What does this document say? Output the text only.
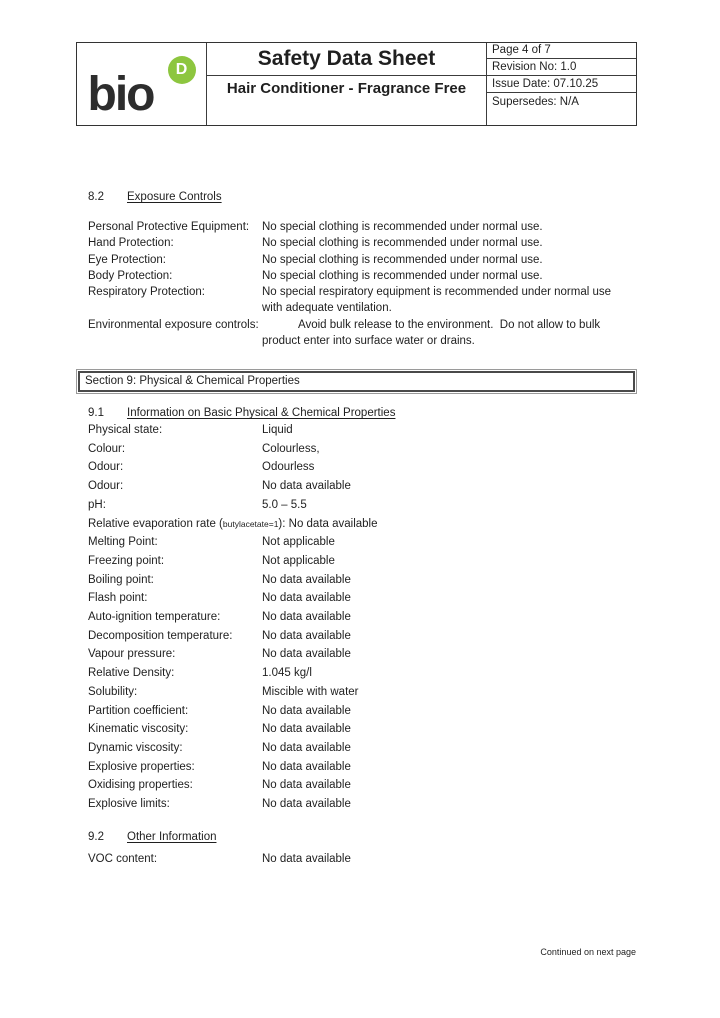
bio	D	Safety Data Sheet
Hair Conditioner - Fragrance Free
Page 4 of 7
Revision No: 1.0
Issue Date: 07.10.25
Supersedes: N/A
8.2 Exposure Controls
Personal Protective Equipment:	No special clothing is recommended under normal use.
Hand Protection:	No special clothing is recommended under normal use.
Eye Protection:	No special clothing is recommended under normal use.
Body Protection:	No special clothing is recommended under normal use.
Respiratory Protection:	No special respiratory equipment is recommended under normal use with adequate ventilation.
Environmental exposure controls:	Avoid bulk release to the environment.  Do not allow to bulk product enter into surface water or drains.
Section 9: Physical & Chemical Properties
9.1 Information on Basic Physical & Chemical Properties
Physical state:	Liquid
Colour:	Colourless,
Odour:	Odourless
Odour:	No data available
pH:	5.0 – 5.5
Relative evaporation rate ( butylacetate=1 ): No data available
Melting Point:	Not applicable
Freezing point:	Not applicable
Boiling point:	No data available
Flash point:	No data available
Auto-ignition temperature:	No data available
Decomposition temperature:	No data available
Vapour pressure:	No data available
Relative Density:	1.045 kg/l
Solubility:	Miscible with water
Partition coefficient:	No data available
Kinematic viscosity:	No data available
Dynamic viscosity:	No data available
Explosive properties:	No data available
Oxidising properties:	No data available
Explosive limits:	No data available
9.2 Other Information
VOC content:	No data available
Continued on next page
